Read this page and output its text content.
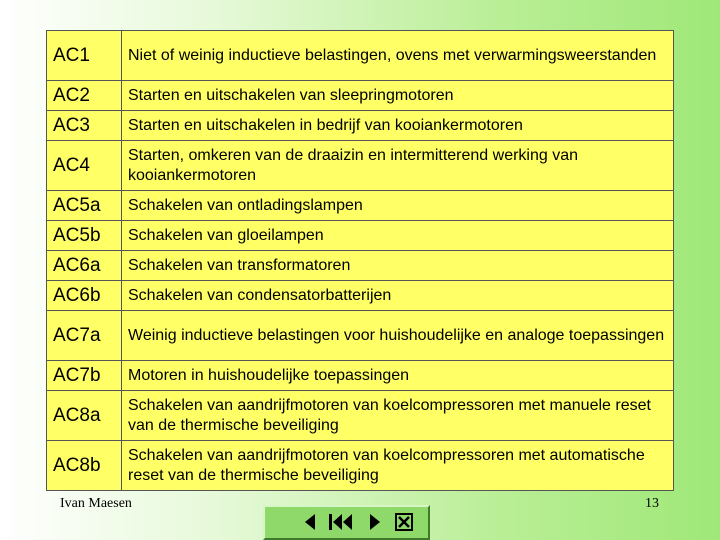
AC1	Niet of weinig inductieve belastingen, ovens met verwarmingsweerstanden
AC2	Starten en uitschakelen van sleepringmotoren
AC3	Starten en uitschakelen in bedrijf van kooiankermotoren
AC4	Starten, omkeren van de draaizin en intermitterend werking van kooiankermotoren
AC5a	Schakelen van ontladingslampen
AC5b	Schakelen van gloeilampen
AC6a	Schakelen van transformatoren
AC6b	Schakelen van condensatorbatterijen
AC7a	Weinig inductieve belastingen voor huishoudelijke en analoge toepassingen
AC7b	Motoren in huishoudelijke toepassingen
AC8a	Schakelen van aandrijfmotoren van koelcompressoren met manuele reset van de thermische beveiliging
AC8b	Schakelen van aandrijfmotoren van koelcompressoren met automatische reset van de thermische beveiliging
Ivan Maesen	13
